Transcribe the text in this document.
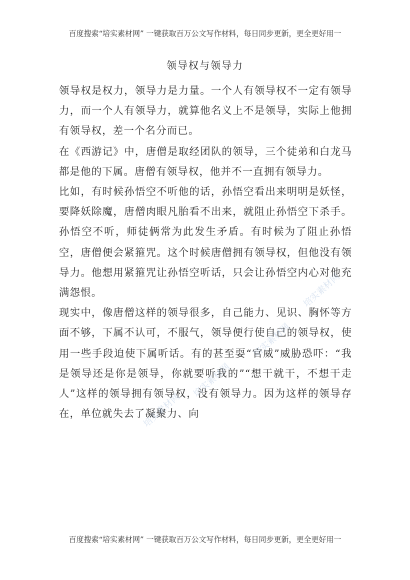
百度搜索“培实素材网” 一键获取百万公文写作材料，每日同步更新，更全更好用一
领导权与领导力

领导权是权力，领导力是力量。一个人有领导权不一定有领导力，而一个人有领导力，就算他名义上不是领导，实际上他拥有领导权，差一个名分而已。

在《西游记》中，唐僧是取经团队的领导，三个徒弟和白龙马都是他的下属。唐僧有领导权，他并不一直拥有领导力。

比如，有时候孙悟空不听他的话，孙悟空看出来明明是妖怪，要降妖除魔，唐僧肉眼凡胎看不出来，就阻止孙悟空下杀手。孙悟空不听，师徒俩常为此发生矛盾。有时候为了阻止孙悟空，唐僧便会紧箍咒。这个时候唐僧拥有领导权，但他没有领导力。他想用紧箍咒让孙悟空听话，只会让孙悟空内心对他充满怨恨。

现实中，像唐僧这样的领导很多，自己能力、见识、胸怀等方面不够，下属不认可，不服气，领导便行使自己的领导权，使用一些手段迫使下属听话。有的甚至耍“官威”威胁恐吓：“我是领导还是你是领导，你就要听我的”“想干就干，不想干走人”这样的领导拥有领导权，没有领导力。因为这样的领导存在，单位就失去了凝聚力、向

培实素材网
培实素材网
培实素材网
培实素材网
百度搜索“培实素材网” 一键获取百万公文写作材料，每日同步更新，更全更好用一
